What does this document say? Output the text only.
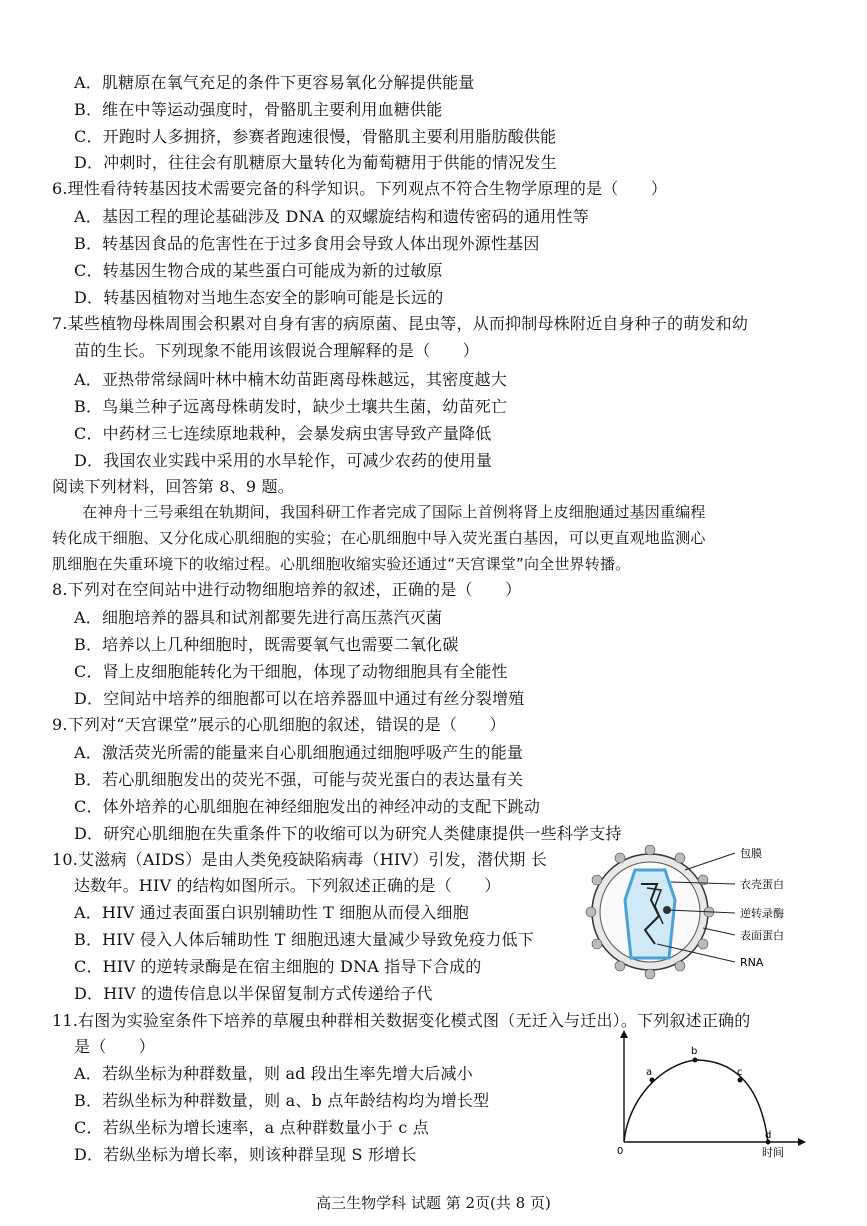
A．肌糖原在氧气充足的条件下更容易氧化分解提供能量
B．维在中等运动强度时，骨骼肌主要利用血糖供能
C．开跑时人多拥挤，参赛者跑速很慢，骨骼肌主要利用脂肪酸供能
D．冲刺时，往往会有肌糖原大量转化为葡萄糖用于供能的情况发生
6.理性看待转基因技术需要完备的科学知识。下列观点不符合生物学原理的是（　　）
A．基因工程的理论基础涉及 DNA 的双螺旋结构和遗传密码的通用性等
B．转基因食品的危害性在于过多食用会导致人体出现外源性基因
C．转基因生物合成的某些蛋白可能成为新的过敏原
D．转基因植物对当地生态安全的影响可能是长远的
7.某些植物母株周围会积累对自身有害的病原菌、昆虫等，从而抑制母株附近自身种子的萌发和幼
苗的生长。下列现象不能用该假说合理解释的是（　　）
A．亚热带常绿阔叶林中楠木幼苗距离母株越远，其密度越大
B．鸟巢兰种子远离母株萌发时，缺少土壤共生菌，幼苗死亡
C．中药材三七连续原地栽种，会暴发病虫害导致产量降低
D．我国农业实践中采用的水旱轮作，可减少农药的使用量
阅读下列材料，回答第 8、9 题。
　　在神舟十三号乘组在轨期间，我国科研工作者完成了国际上首例将肾上皮细胞通过基因重编程
转化成干细胞、又分化成心肌细胞的实验；在心肌细胞中导入荧光蛋白基因，可以更直观地监测心
肌细胞在失重环境下的收缩过程。心肌细胞收缩实验还通过“天宫课堂”向全世界转播。
8.下列对在空间站中进行动物细胞培养的叙述，正确的是（　　）
A．细胞培养的器具和试剂都要先进行高压蒸汽灭菌
B．培养以上几种细胞时，既需要氧气也需要二氧化碳
C．肾上皮细胞能转化为干细胞，体现了动物细胞具有全能性
D．空间站中培养的细胞都可以在培养器皿中通过有丝分裂增殖
9.下列对“天宫课堂”展示的心肌细胞的叙述，错误的是（　　）
A．激活荧光所需的能量来自心肌细胞通过细胞呼吸产生的能量
B．若心肌细胞发出的荧光不强，可能与荧光蛋白的表达量有关
C．体外培养的心肌细胞在神经细胞发出的神经冲动的支配下跳动
D．研究心肌细胞在失重条件下的收缩可以为研究人类健康提供一些科学支持
10.艾滋病（AIDS）是由人类免疫缺陷病毒（HIV）引发，潜伏期 长
达数年。HIV 的结构如图所示。下列叙述正确的是（　　）
A．HIV 通过表面蛋白识别辅助性 T 细胞从而侵入细胞
B．HIV 侵入人体后辅助性 T 细胞迅速大量减少导致免疫力低下
C．HIV 的逆转录酶是在宿主细胞的 DNA 指导下合成的
D．HIV 的遗传信息以半保留复制方式传递给子代
11.右图为实验室条件下培养的草履虫种群相关数据变化模式图（无迁入与迁出）。下列叙述正确的
是（　　）
A．若纵坐标为种群数量，则 ad 段出生率先增大后减小
B．若纵坐标为种群数量，则 a、b 点年龄结构均为增长型
C．若纵坐标为增长速率，a 点种群数量小于 c 点
D．若纵坐标为增长率，则该种群呈现 S 形增长
包膜
衣壳蛋白
逆转录酶
表面蛋白
RNA
a
b
c
d
0	时间
高三生物学科 试题 第 2页(共 8 页)
